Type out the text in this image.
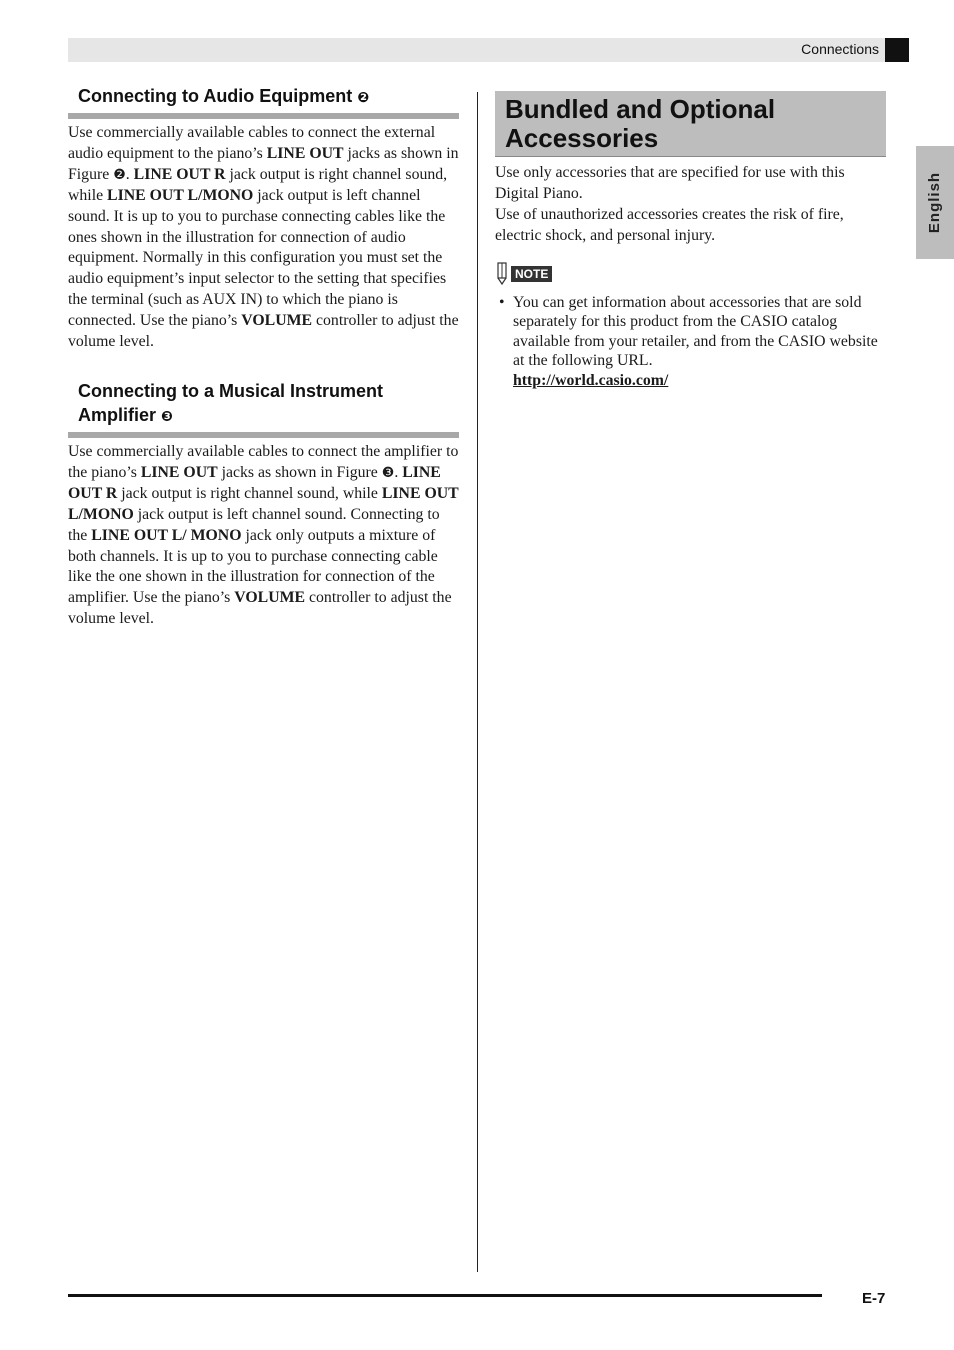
Connections
English
Connecting to Audio Equipment ❷

Use commercially available cables to connect the external audio equipment to the piano’s LINE OUT jacks as shown in Figure ❷. LINE OUT R jack output is right channel sound, while LINE OUT L/MONO jack output is left channel sound. It is up to you to purchase connecting cables like the ones shown in the illustration for connection of audio equipment. Normally in this configuration you must set the audio equipment’s input selector to the setting that specifies the terminal (such as AUX IN) to which the piano is connected. Use the piano’s VOLUME controller to adjust the volume level.

Connecting to a Musical Instrument Amplifier ❸

Use commercially available cables to connect the amplifier to the piano’s LINE OUT jacks as shown in Figure ❸. LINE OUT R jack output is right channel sound, while LINE OUT L/MONO jack output is left channel sound. Connecting to the LINE OUT L/ MONO jack only outputs a mixture of both channels. It is up to you to purchase connecting cable like the one shown in the illustration for connection of the amplifier. Use the piano’s VOLUME controller to adjust the volume level.

Bundled and Optional Accessories

Use only accessories that are specified for use with this Digital Piano.

Use of unauthorized accessories creates the risk of fire, electric shock, and personal injury.

NOTE
• You can get information about accessories that are sold separately for this product from the CASIO catalog available from your retailer, and from the CASIO website at the following URL.
http://world.casio.com/
E-7
